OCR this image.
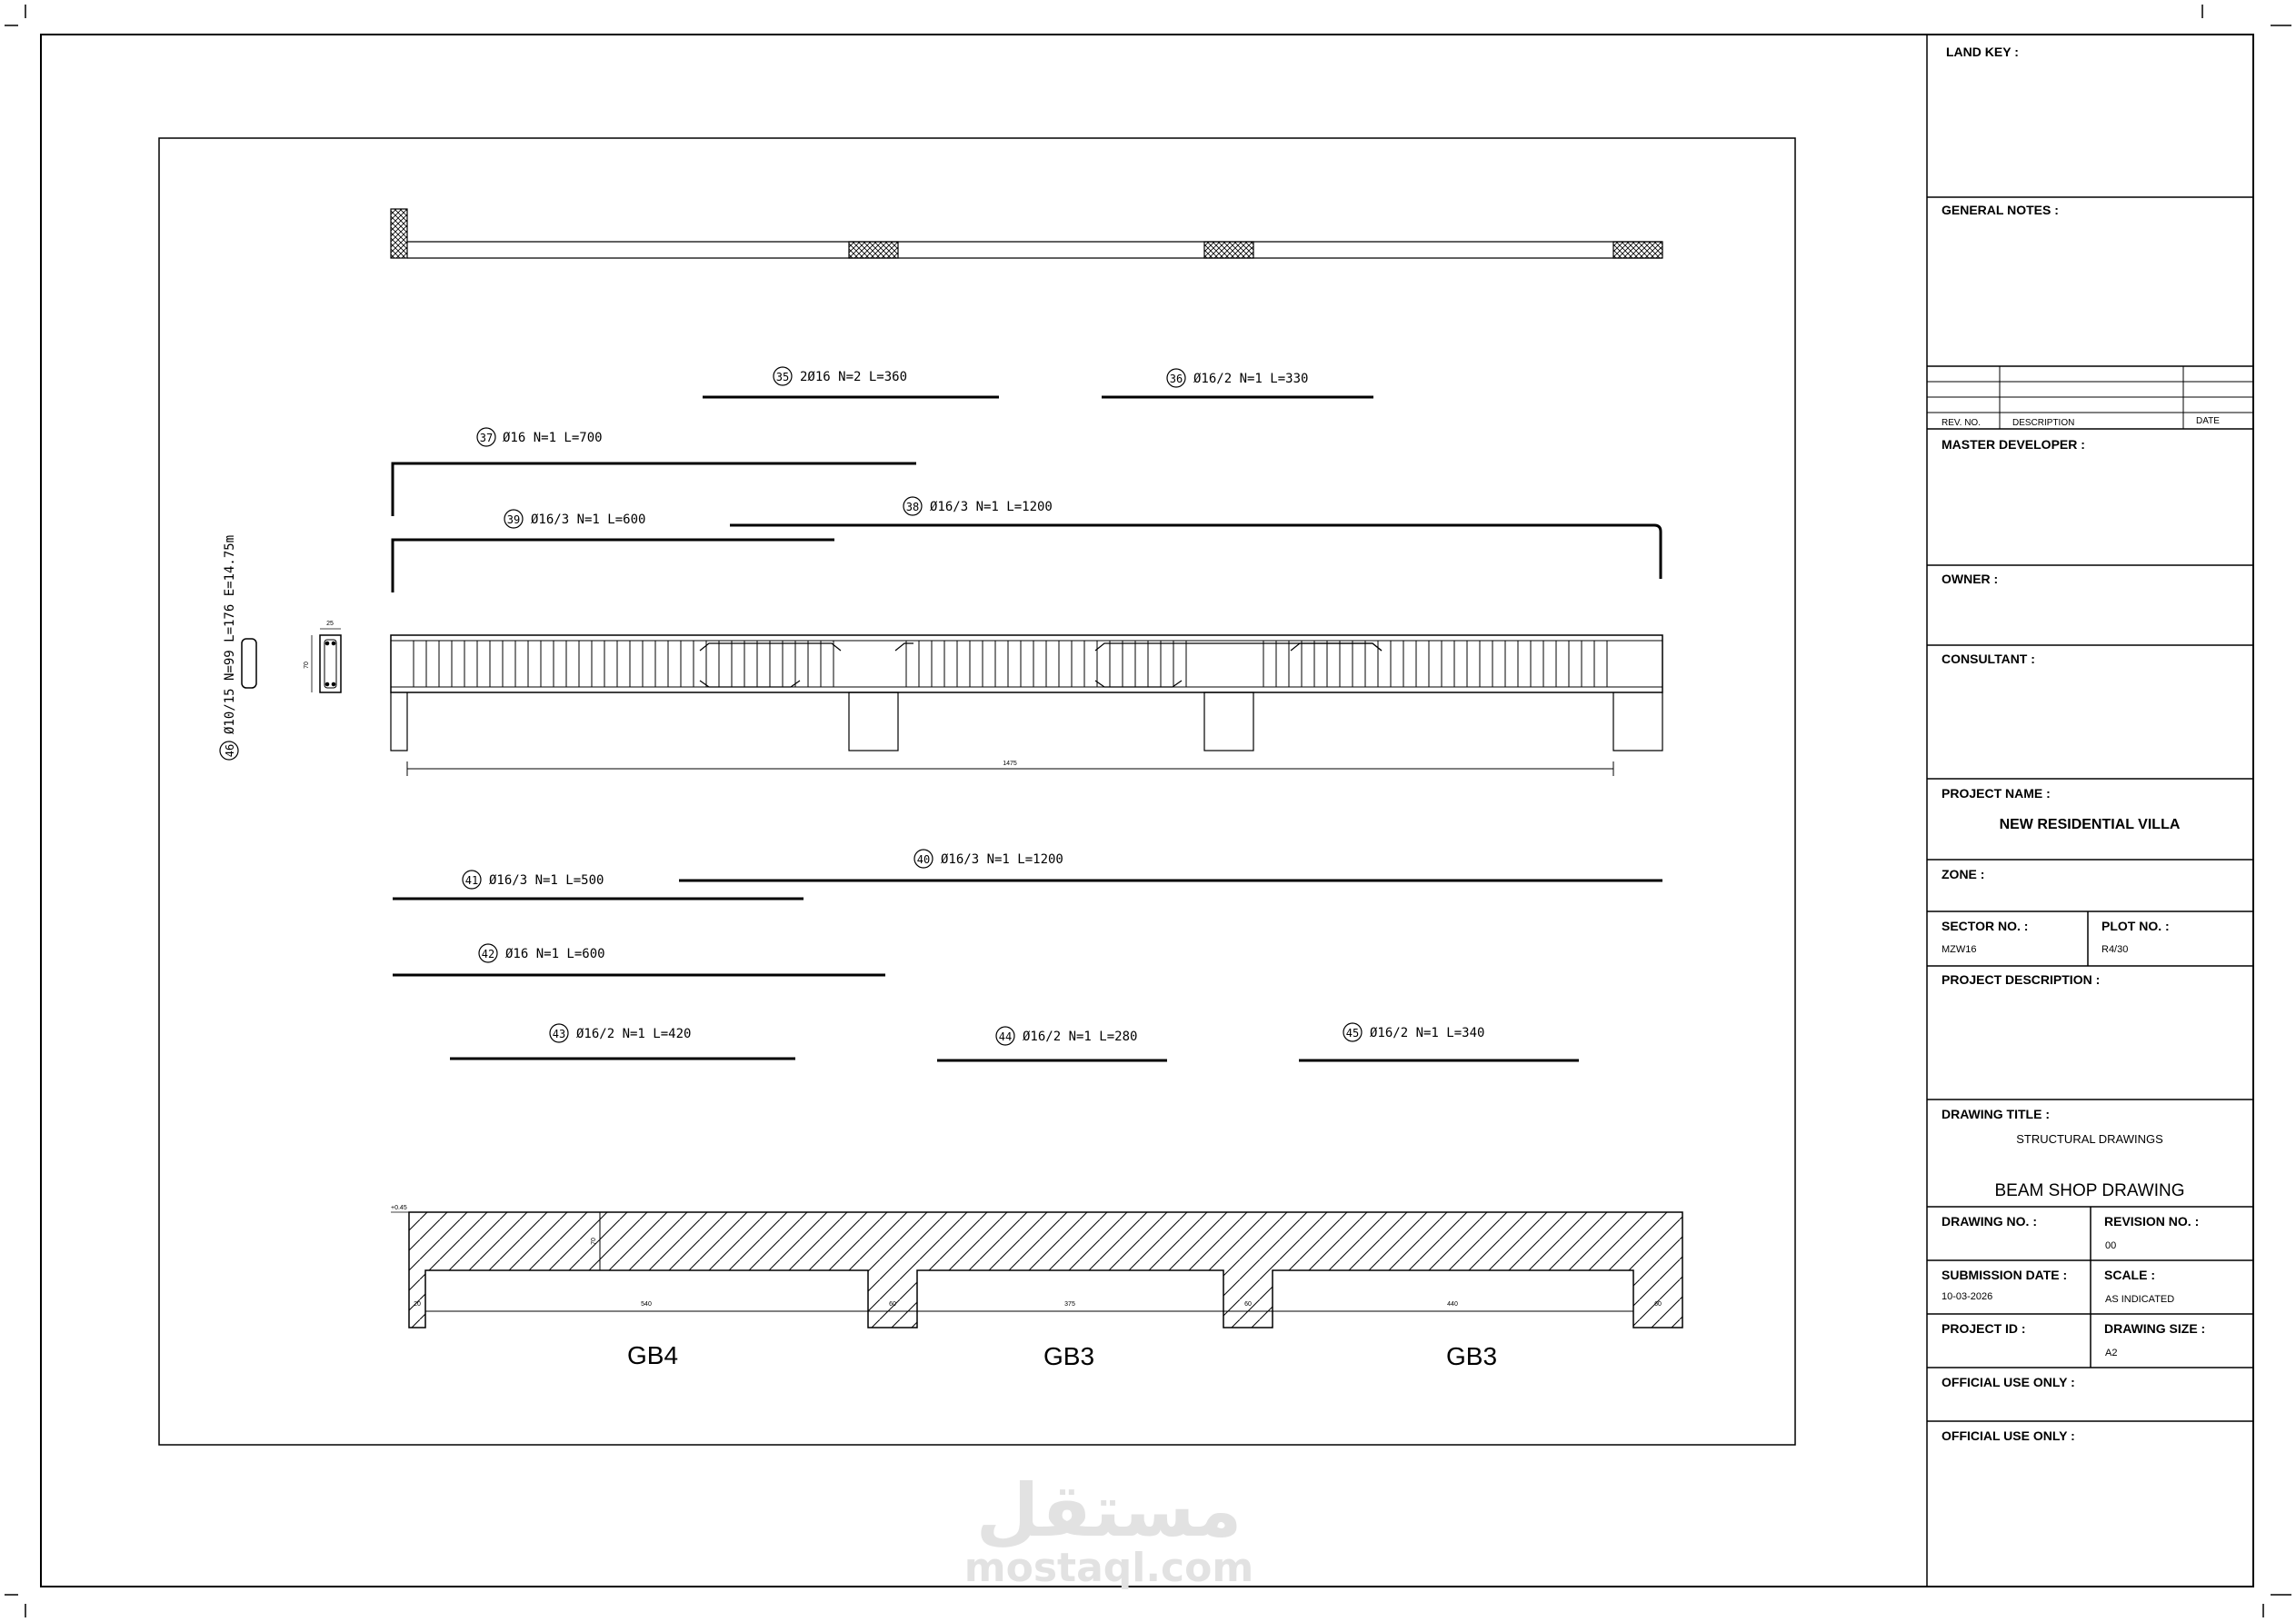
LAND KEY :
GENERAL NOTES :
REV. NO.	DESCRIPTION	DATE
MASTER DEVELOPER :
OWNER :
CONSULTANT :
PROJECT NAME :
NEW RESIDENTIAL VILLA
ZONE :
SECTOR NO. :
MZW16
PLOT NO. :
R4/30
PROJECT DESCRIPTION :
DRAWING TITLE :
STRUCTURAL DRAWINGS
BEAM SHOP DRAWING
DRAWING NO. :	REVISION NO. :
00
SUBMISSION DATE :
10-03-2026
SCALE :
AS INDICATED
PROJECT ID :	DRAWING SIZE :
A2
OFFICIAL USE ONLY :
OFFICIAL USE ONLY :
35 2Ø16 N=2 L=360	36 Ø16/2 N=1 L=330
37 Ø16 N=1 L=700
38 Ø16/3 N=1 L=1200
39 Ø16/3 N=1 L=600
40 Ø16/3 N=1 L=1200
41 Ø16/3 N=1 L=500
42 Ø16 N=1 L=600
43 Ø16/2 N=1 L=420	44 Ø16/2 N=1 L=280	45 Ø16/2 N=1 L=340
46
Ø10/15 N=99 L=176 E=14.75m	25
70
1475
+0.45
70
20	540	60	375	60	440	60
GB4	GB3	GB3
مستقل
mostaql.com
